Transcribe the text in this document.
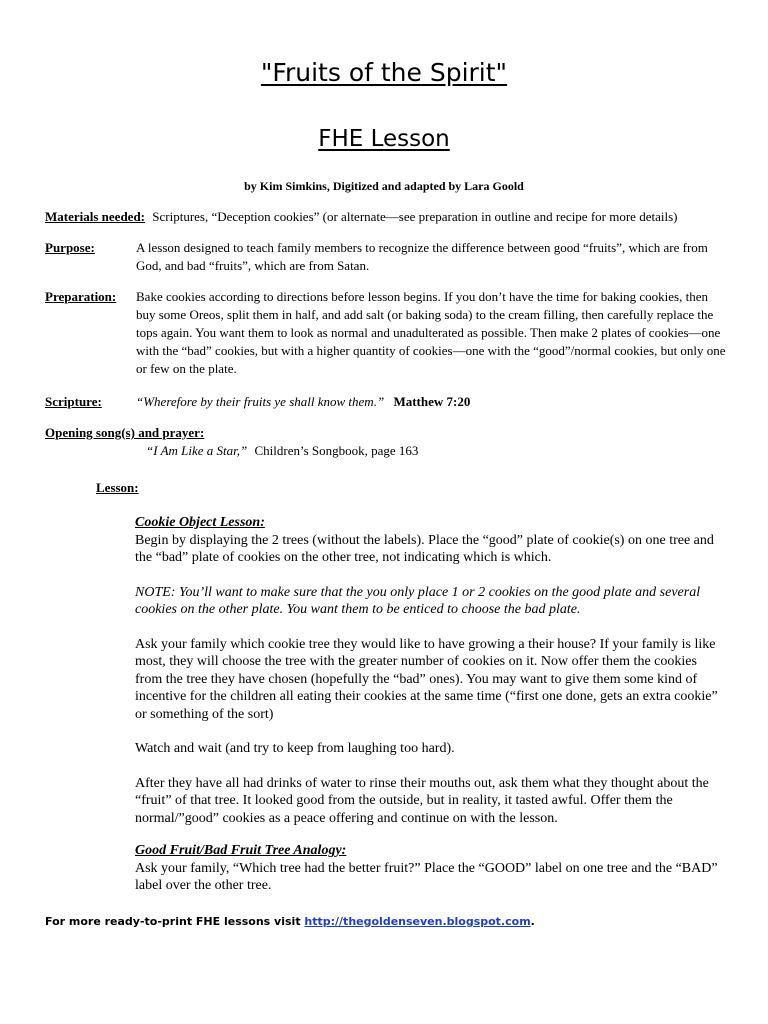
"Fruits of the Spirit"
FHE Lesson
by Kim Simkins, Digitized and adapted by Lara Goold
Materials needed: Scriptures, “Deception cookies” (or alternate—see preparation in outline and recipe for more details)
Purpose:	A lesson designed to teach family members to recognize the difference between good “fruits”, which are from God, and bad “fruits”, which are from Satan.

Preparation: Bake cookies according to directions before lesson begins. If you don’t have the time for baking cookies, then buy some Oreos, split them in half, and add salt (or baking soda) to the cream filling, then carefully replace the tops again. You want them to look as normal and unadulterated as possible. Then make 2 plates of cookies—one with the “bad” cookies, but with a higher quantity of cookies—one with the “good”/normal cookies, but only one or few on the plate.

Scripture:	“Wherefore by their fruits ye shall know them.” Matthew 7:20
Opening song(s) and prayer:
“I Am Like a Star,” Children’s Songbook, page 163
Lesson:

Cookie Object Lesson:

Begin by displaying the 2 trees (without the labels). Place the “good” plate of cookie(s) on one tree and the “bad” plate of cookies on the other tree, not indicating which is which.

NOTE: You’ll want to make sure that the you only place 1 or 2 cookies on the good plate and several cookies on the other plate. You want them to be enticed to choose the bad plate.

Ask your family which cookie tree they would like to have growing a their house? If your family is like most, they will choose the tree with the greater number of cookies on it. Now offer them the cookies from the tree they have chosen (hopefully the “bad” ones). You may want to give them some kind of incentive for the children all eating their cookies at the same time (“first one done, gets an extra cookie” or something of the sort)

Watch and wait (and try to keep from laughing too hard).

After they have all had drinks of water to rinse their mouths out, ask them what they thought about the “fruit” of that tree. It looked good from the outside, but in reality, it tasted awful. Offer them the normal/”good” cookies as a peace offering and continue on with the lesson.

Good Fruit/Bad Fruit Tree Analogy:

Ask your family, “Which tree had the better fruit?” Place the “GOOD” label on one tree and the “BAD” label over the other tree.

For more ready-to-print FHE lessons visit http://thegoldenseven.blogspot.com.
